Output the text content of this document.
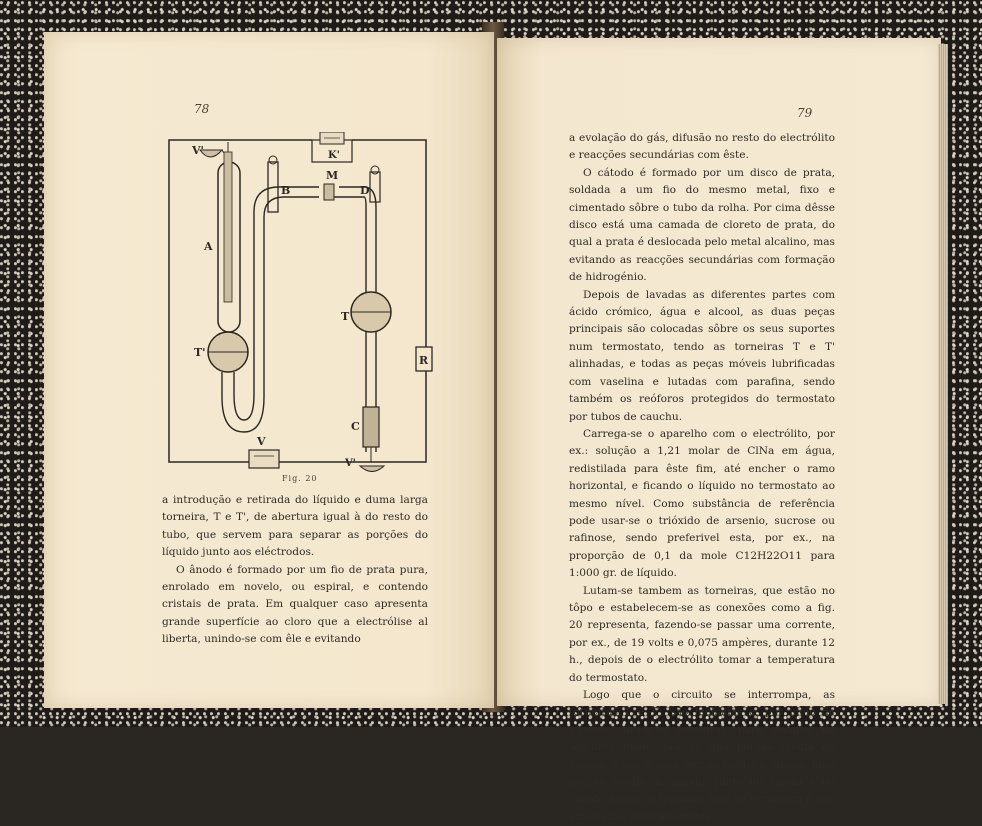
78
V'	K'
B
M
D
A
T
T'
R
C
V
V'
Fig. 20

a introdução e retirada do líquido e duma larga torneira, T e T', de abertura igual à do resto do tubo, que servem para separar as porções do líquido junto aos eléctrodos.

O ânodo é formado por um fio de prata pura, enrolado em novelo, ou espiral, e contendo cristais de prata. Em qualquer caso apresenta grande superfície ao cloro que a electrólise al liberta, unindo-se com êle e evitando

79

a evolação do gás, difusão no resto do electrólito e reacções secundárias com êste.

O cátodo é formado por um disco de prata, soldada a um fio do mesmo metal, fixo e cimentado sôbre o tubo da rolha. Por cima dêsse disco está uma camada de cloreto de prata, do qual a prata é deslocada pelo metal alcalino, mas evitando as reacções secundárias com formação de hidrogénio.

Depois de lavadas as diferentes partes com ácido crómico, água e alcool, as duas peças principais são colocadas sôbre os seus suportes num termostato, tendo as torneiras T e T' alinhadas, e todas as peças móveis lubrificadas com vaselina e lutadas com parafina, sendo também os reóforos protegidos do termostato por tubos de cauchu.

Carrega-se o aparelho com o electrólito, por ex.: solução a 1,21 molar de ClNa em água, redistilada para êste fim, até encher o ramo horizontal, e ficando o líquido no termostato ao mesmo nível. Como substância de referência pode usar-se o trióxido de arsenio, sucrose ou rafinose, sendo preferivel esta, por ex., na proporção de 0,1 da mole C12H22O11 para 1:000 gr. de líquido.

Lutam-se tambem as torneiras, que estão no tôpo e estabelecem-se as conexões como a fig. 20 representa, fazendo-se passar uma corrente, por ex., de 19 volts e 0,075 ampères, durante 12 h., depois de o electrólito tomar a temperatura do termostato.

Logo que o circuito se interrompa, as torneiras T e T', são fechadas e, por meio de pipetas, tiram-se amostras para análise do seguinte modo: por D uma porção média do cátodo, e por B uma porção média e, depois uma porção média do ânodo. Junto do ânodo e do cátodo ficam os liquidos, que os cercavam e são analisados separadamente.
